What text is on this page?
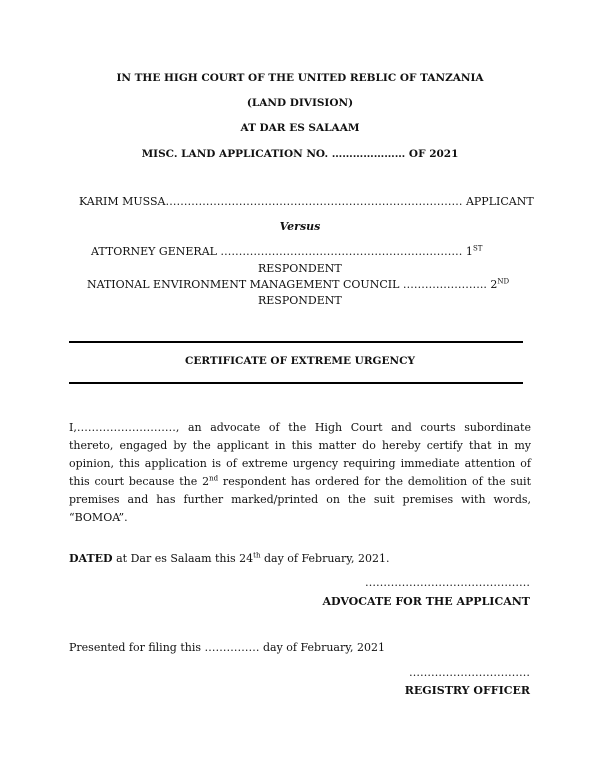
IN THE HIGH COURT OF THE UNITED REBLIC OF TANZANIA
(LAND DIVISION)
AT DAR ES SALAAM
MISC. LAND APPLICATION NO. ………………… OF 2021
KARIM MUSSA……………………………………………………………………… APPLICANT
Versus
ATTORNEY GENERAL ………………………………………………………… 1ST
RESPONDENT
NATIONAL ENVIRONMENT MANAGEMENT COUNCIL ………………….. 2ND
RESPONDENT
CERTIFICATE OF EXTREME URGENCY
I,………………………, an advocate of the High Court and courts subordinate thereto, engaged by the applicant in this matter do hereby certify that in my opinion, this application is of extreme urgency requiring immediate attention of this court because the 2nd respondent has ordered for the demolition of the suit premises and has further marked/printed on the suit premises with words, “BOMOA”.
DATED at Dar es Salaam this 24th day of February, 2021.
………………………………………
ADVOCATE FOR THE APPLICANT
Presented for filing this …………… day of February, 2021
……………………………
REGISTRY OFFICER
